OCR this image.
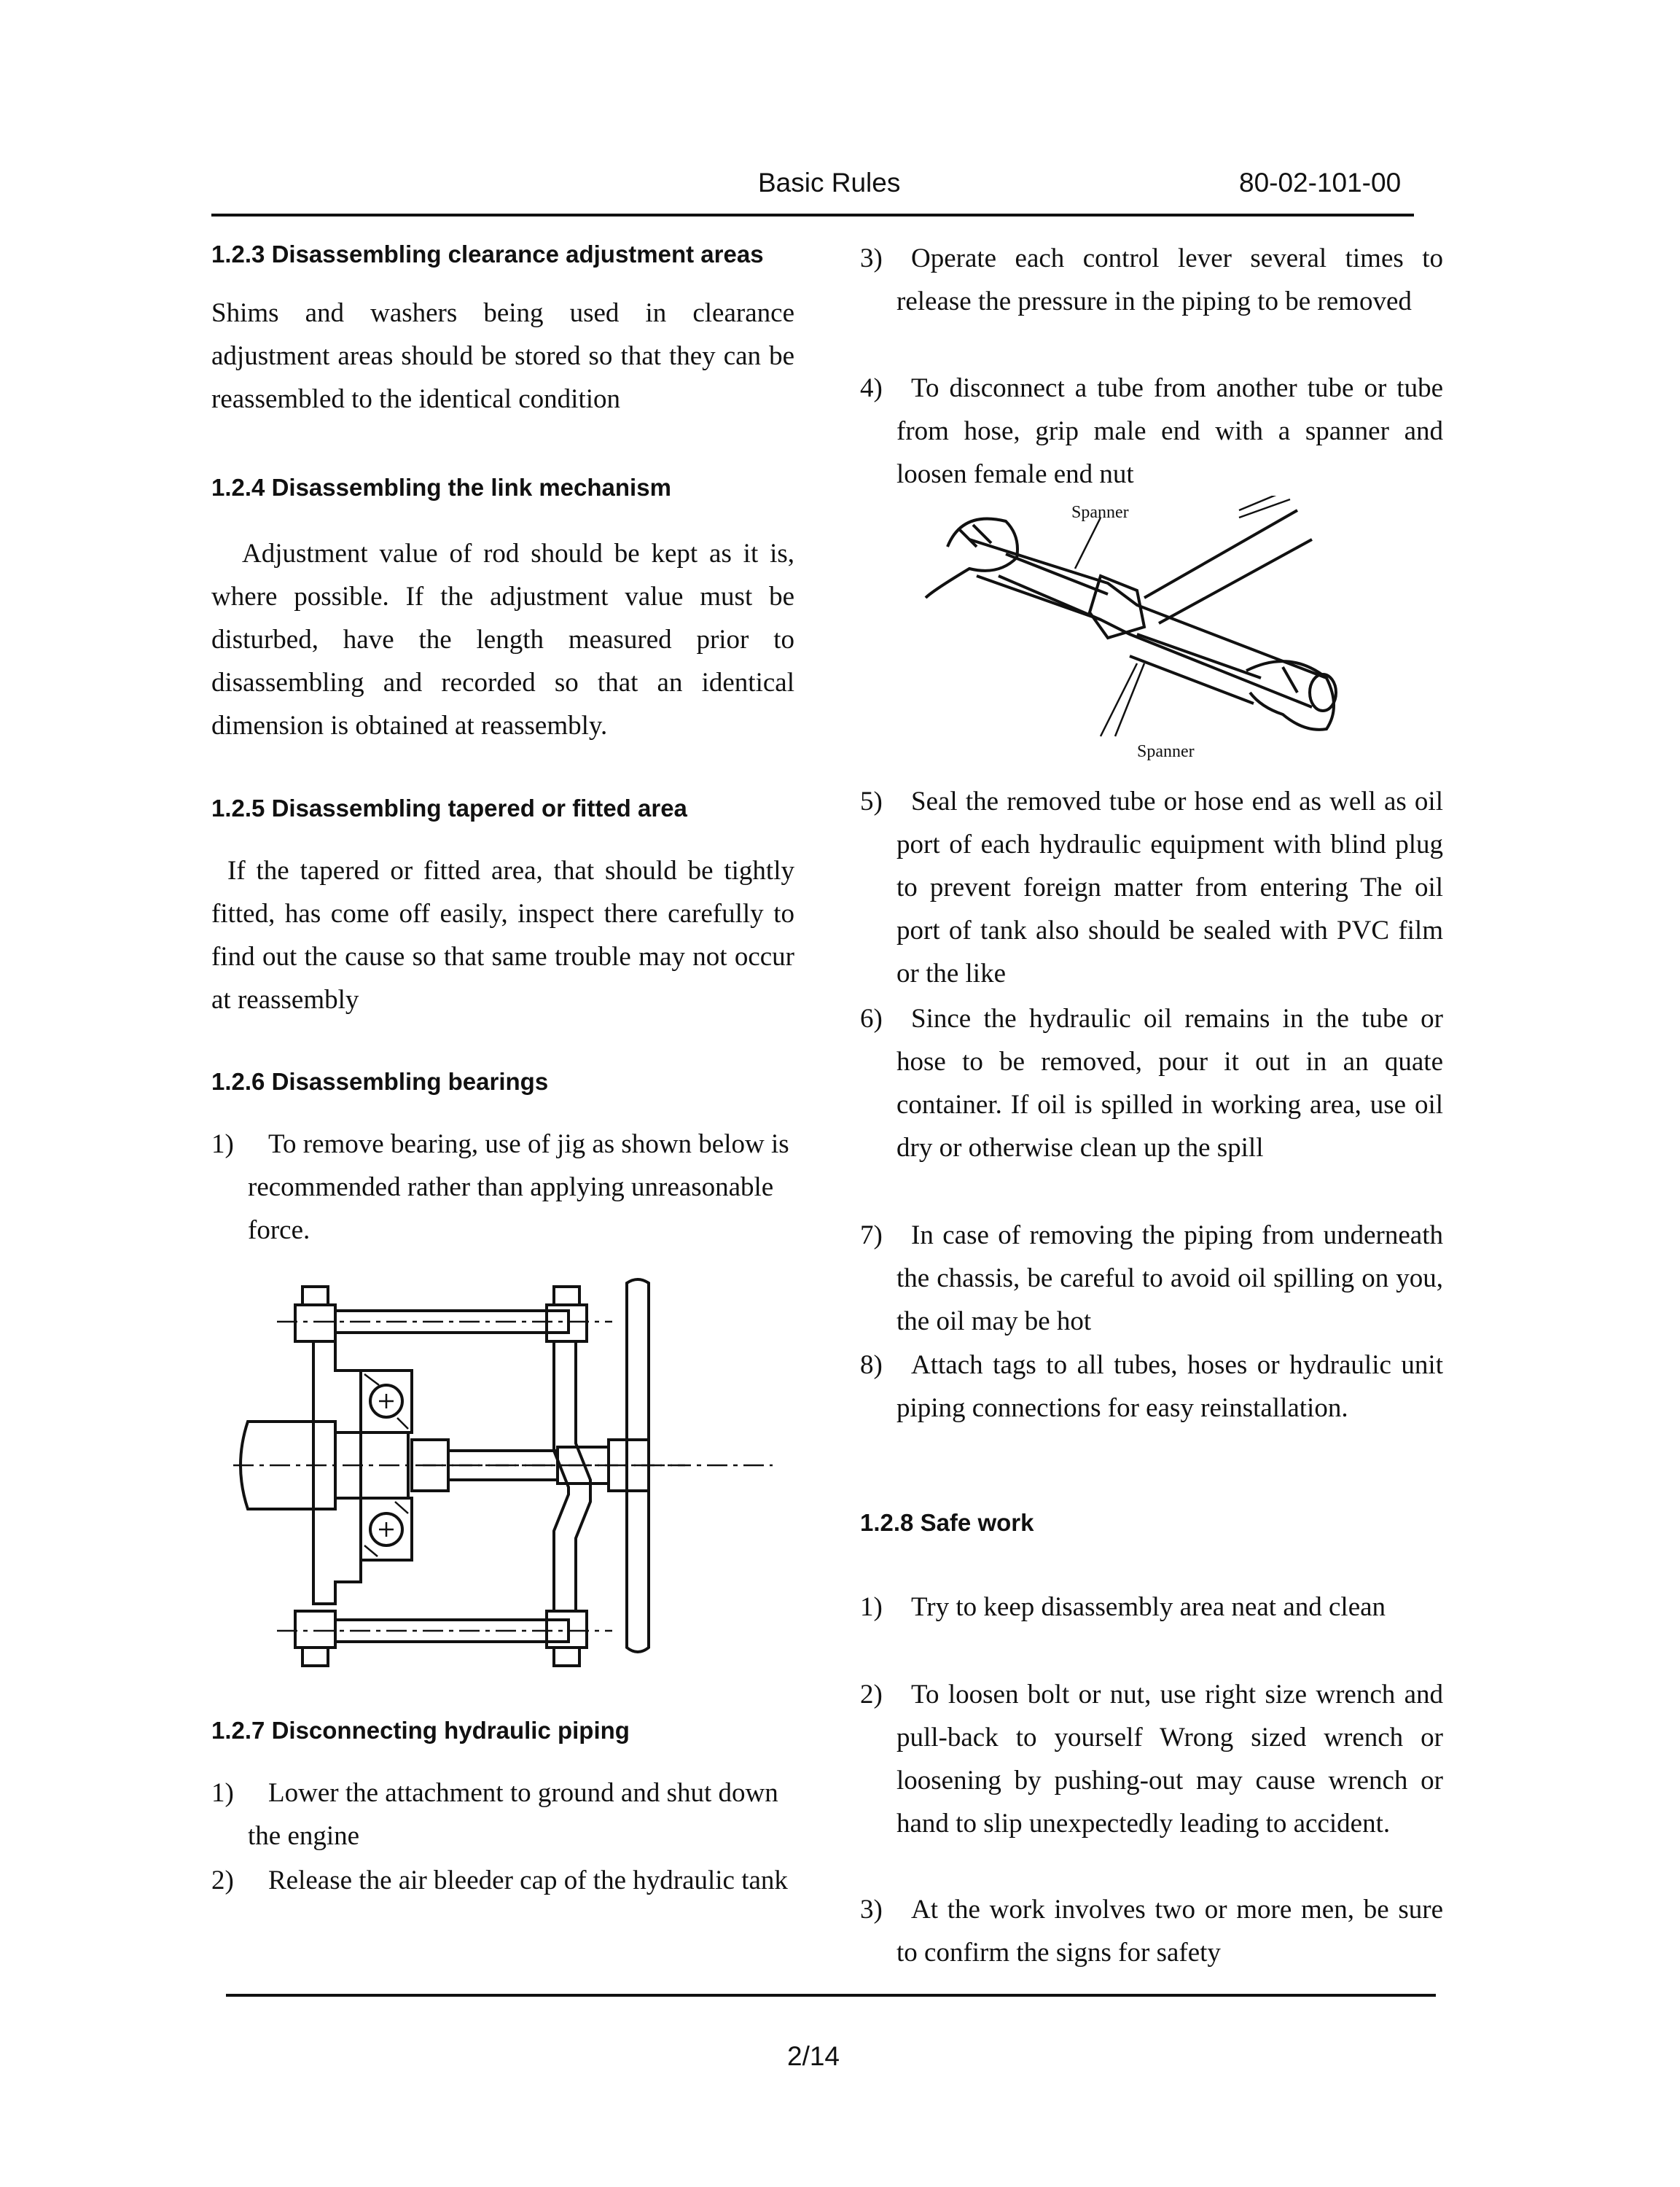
Basic Rules	80-02-101-00
1.2.3 Disassembling clearance adjustment areas
Shims and washers being used in clearance adjustment areas should be stored so that they can be reassembled to the identical condition
1.2.4 Disassembling the link mechanism
Adjustment value of rod should be kept as it is, where possible. If the adjustment value must be disturbed, have the length measured prior to disassembling and recorded so that an identical dimension is obtained at reassembly.
1.2.5 Disassembling tapered or fitted area
If the tapered or fitted area, that should be tightly fitted, has come off easily, inspect there carefully to find out the cause so that same trouble may not occur at reassembly
1.2.6 Disassembling bearings
1)	To remove bearing, use of jig as shown below is recommended rather than applying unreasonable force.
1.2.7 Disconnecting hydraulic piping
1)	Lower the attachment to ground and shut down the engine
2)	Release the air bleeder cap of the hydraulic tank
3)	Operate each control lever several times to release the pressure in the piping to be removed
4)	To disconnect a tube from another tube or tube from hose, grip male end with a spanner and loosen female end nut
Spanner
Spanner
5)	Seal the removed tube or hose end as well as oil port of each hydraulic equipment with blind plug to prevent foreign matter from entering The oil port of tank also should be sealed with PVC film or the like
6)	Since the hydraulic oil remains in the tube or hose to be removed, pour it out in an quate container. If oil is spilled in working area, use oil dry or otherwise clean up the spill
7)	In case of removing the piping from underneath the chassis, be careful to avoid oil spilling on you, the oil may be hot
8)	Attach tags to all tubes, hoses or hydraulic unit piping connections for easy reinstallation.
1.2.8 Safe work
1)	Try to keep disassembly area neat and clean
2)	To loosen bolt or nut, use right size wrench and pull-back to yourself Wrong sized wrench or loosening by pushing-out may cause wrench or hand to slip unexpectedly leading to accident.
3)	At the work involves two or more men, be sure to confirm the signs for safety
2/14
